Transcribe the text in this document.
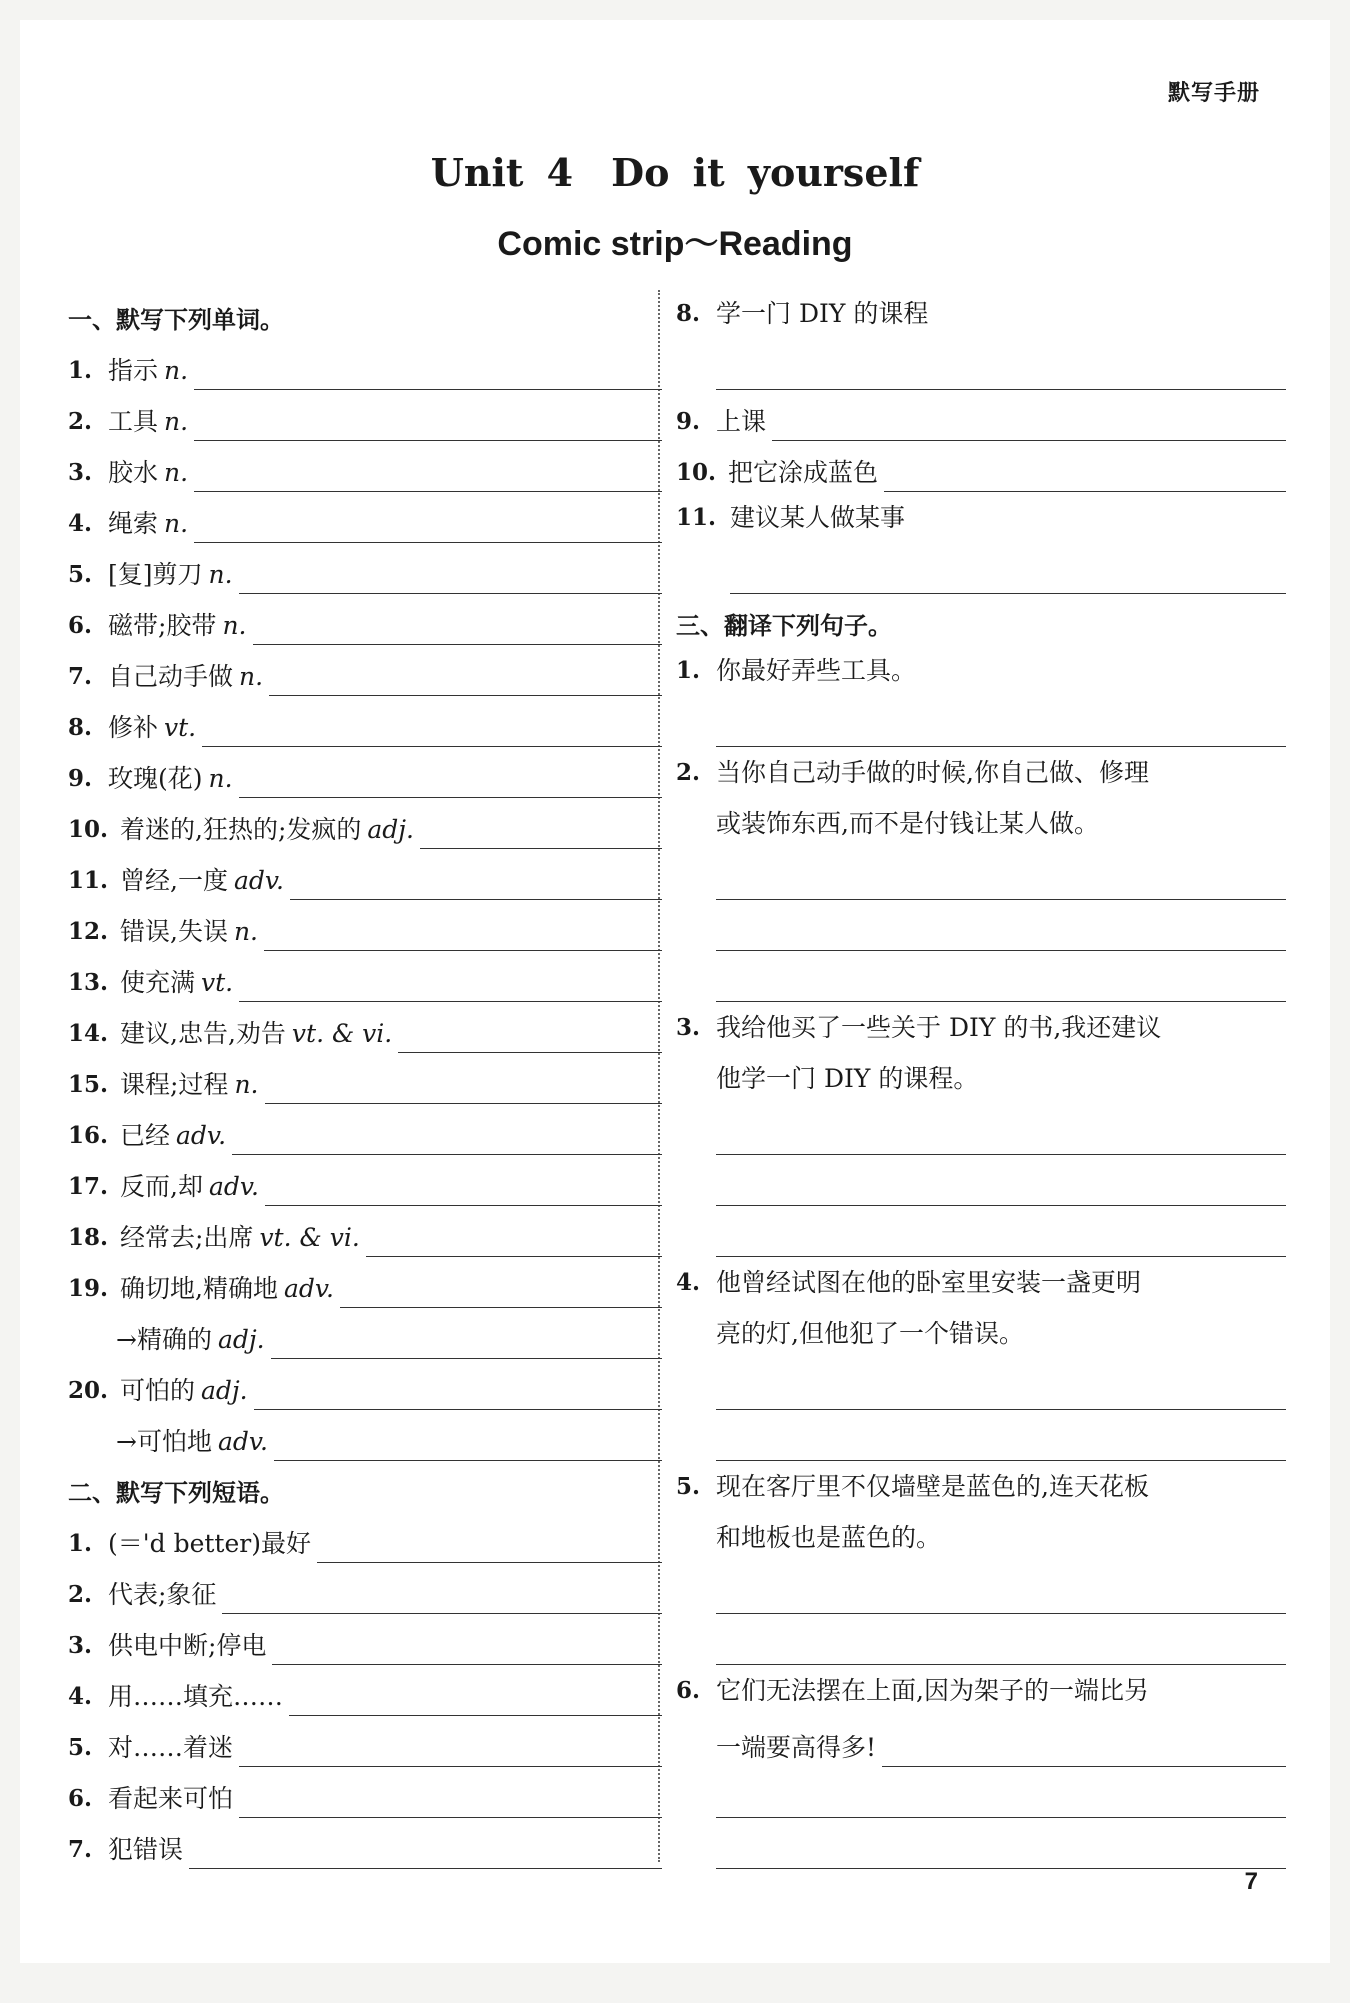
默写手册
Unit 4　Do it yourself
Comic strip～Reading
一、默写下列单词。
1. 指示 n.
2. 工具 n.
3. 胶水 n.
4. 绳索 n.
5. [复]剪刀 n.
6. 磁带;胶带 n.
7. 自己动手做 n.
8. 修补 vt.
9. 玫瑰(花) n.
10. 着迷的,狂热的;发疯的 adj.
11. 曾经,一度 adv.
12. 错误,失误 n.
13. 使充满 vt.
14. 建议,忠告,劝告 vt. & vi.
15. 课程;过程 n.
16. 已经 adv.
17. 反而,却 adv.
18. 经常去;出席 vt. & vi.
19. 确切地,精确地 adv.
→精确的 adj.
20. 可怕的 adj.
→可怕地 adv.
二、默写下列短语。
1. (＝'d better)最好
2. 代表;象征
3. 供电中断;停电
4. 用……填充……
5. 对……着迷
6. 看起来可怕
7. 犯错误
8. 学一门 DIY 的课程
9. 上课
10. 把它涂成蓝色
11. 建议某人做某事
三、翻译下列句子。
1. 你最好弄些工具。
2. 当你自己动手做的时候,你自己做、修理
或装饰东西,而不是付钱让某人做。
3. 我给他买了一些关于 DIY 的书,我还建议
他学一门 DIY 的课程。
4. 他曾经试图在他的卧室里安装一盏更明
亮的灯,但他犯了一个错误。
5. 现在客厅里不仅墙壁是蓝色的,连天花板
和地板也是蓝色的。
6. 它们无法摆在上面,因为架子的一端比另
一端要高得多!
7
